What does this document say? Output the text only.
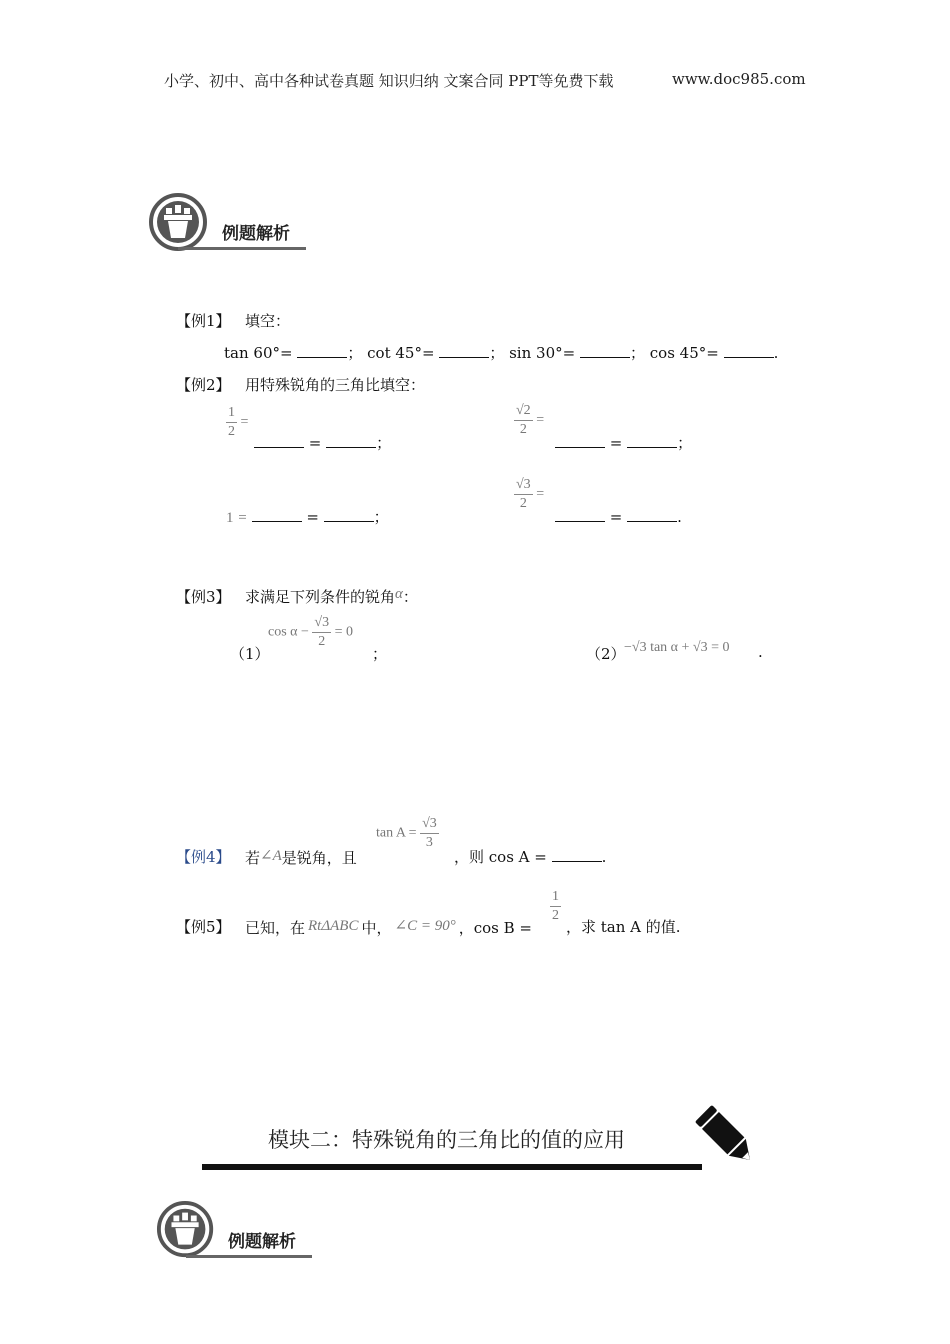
小学、初中、高中各种试卷真题 知识归纳 文案合同 PPT等免费下载	www.doc985.com
例题解析
【例1】 填空：
tan 60°=	； cot 45°=	； sin 30°=	； cos 45°=	.
【例2】 用特殊锐角的三角比填空：
$\frac{1}{2}$ =
=	；
$\frac{√2}{2}$ =
=	；
1 =	=	；
$\frac{√3}{2}$ =
=	.
【例3】 求满足下列条件的锐角α：
（1）
$\cos \alpha - \frac{√3}{2} = 0$
；	（2）
−√3 tan α + √3 = 0 .
【例4】 若∠A是锐角，且
$\tan A = \frac{√3}{3}$
，则 cos A =	.
【例5】 已知，在 RtΔABC 中， ∠C = 90° ，cos B =
$\frac{1}{2}$
，求 tan A 的值.
模块二：特殊锐角的三角比的值的应用
例题解析
